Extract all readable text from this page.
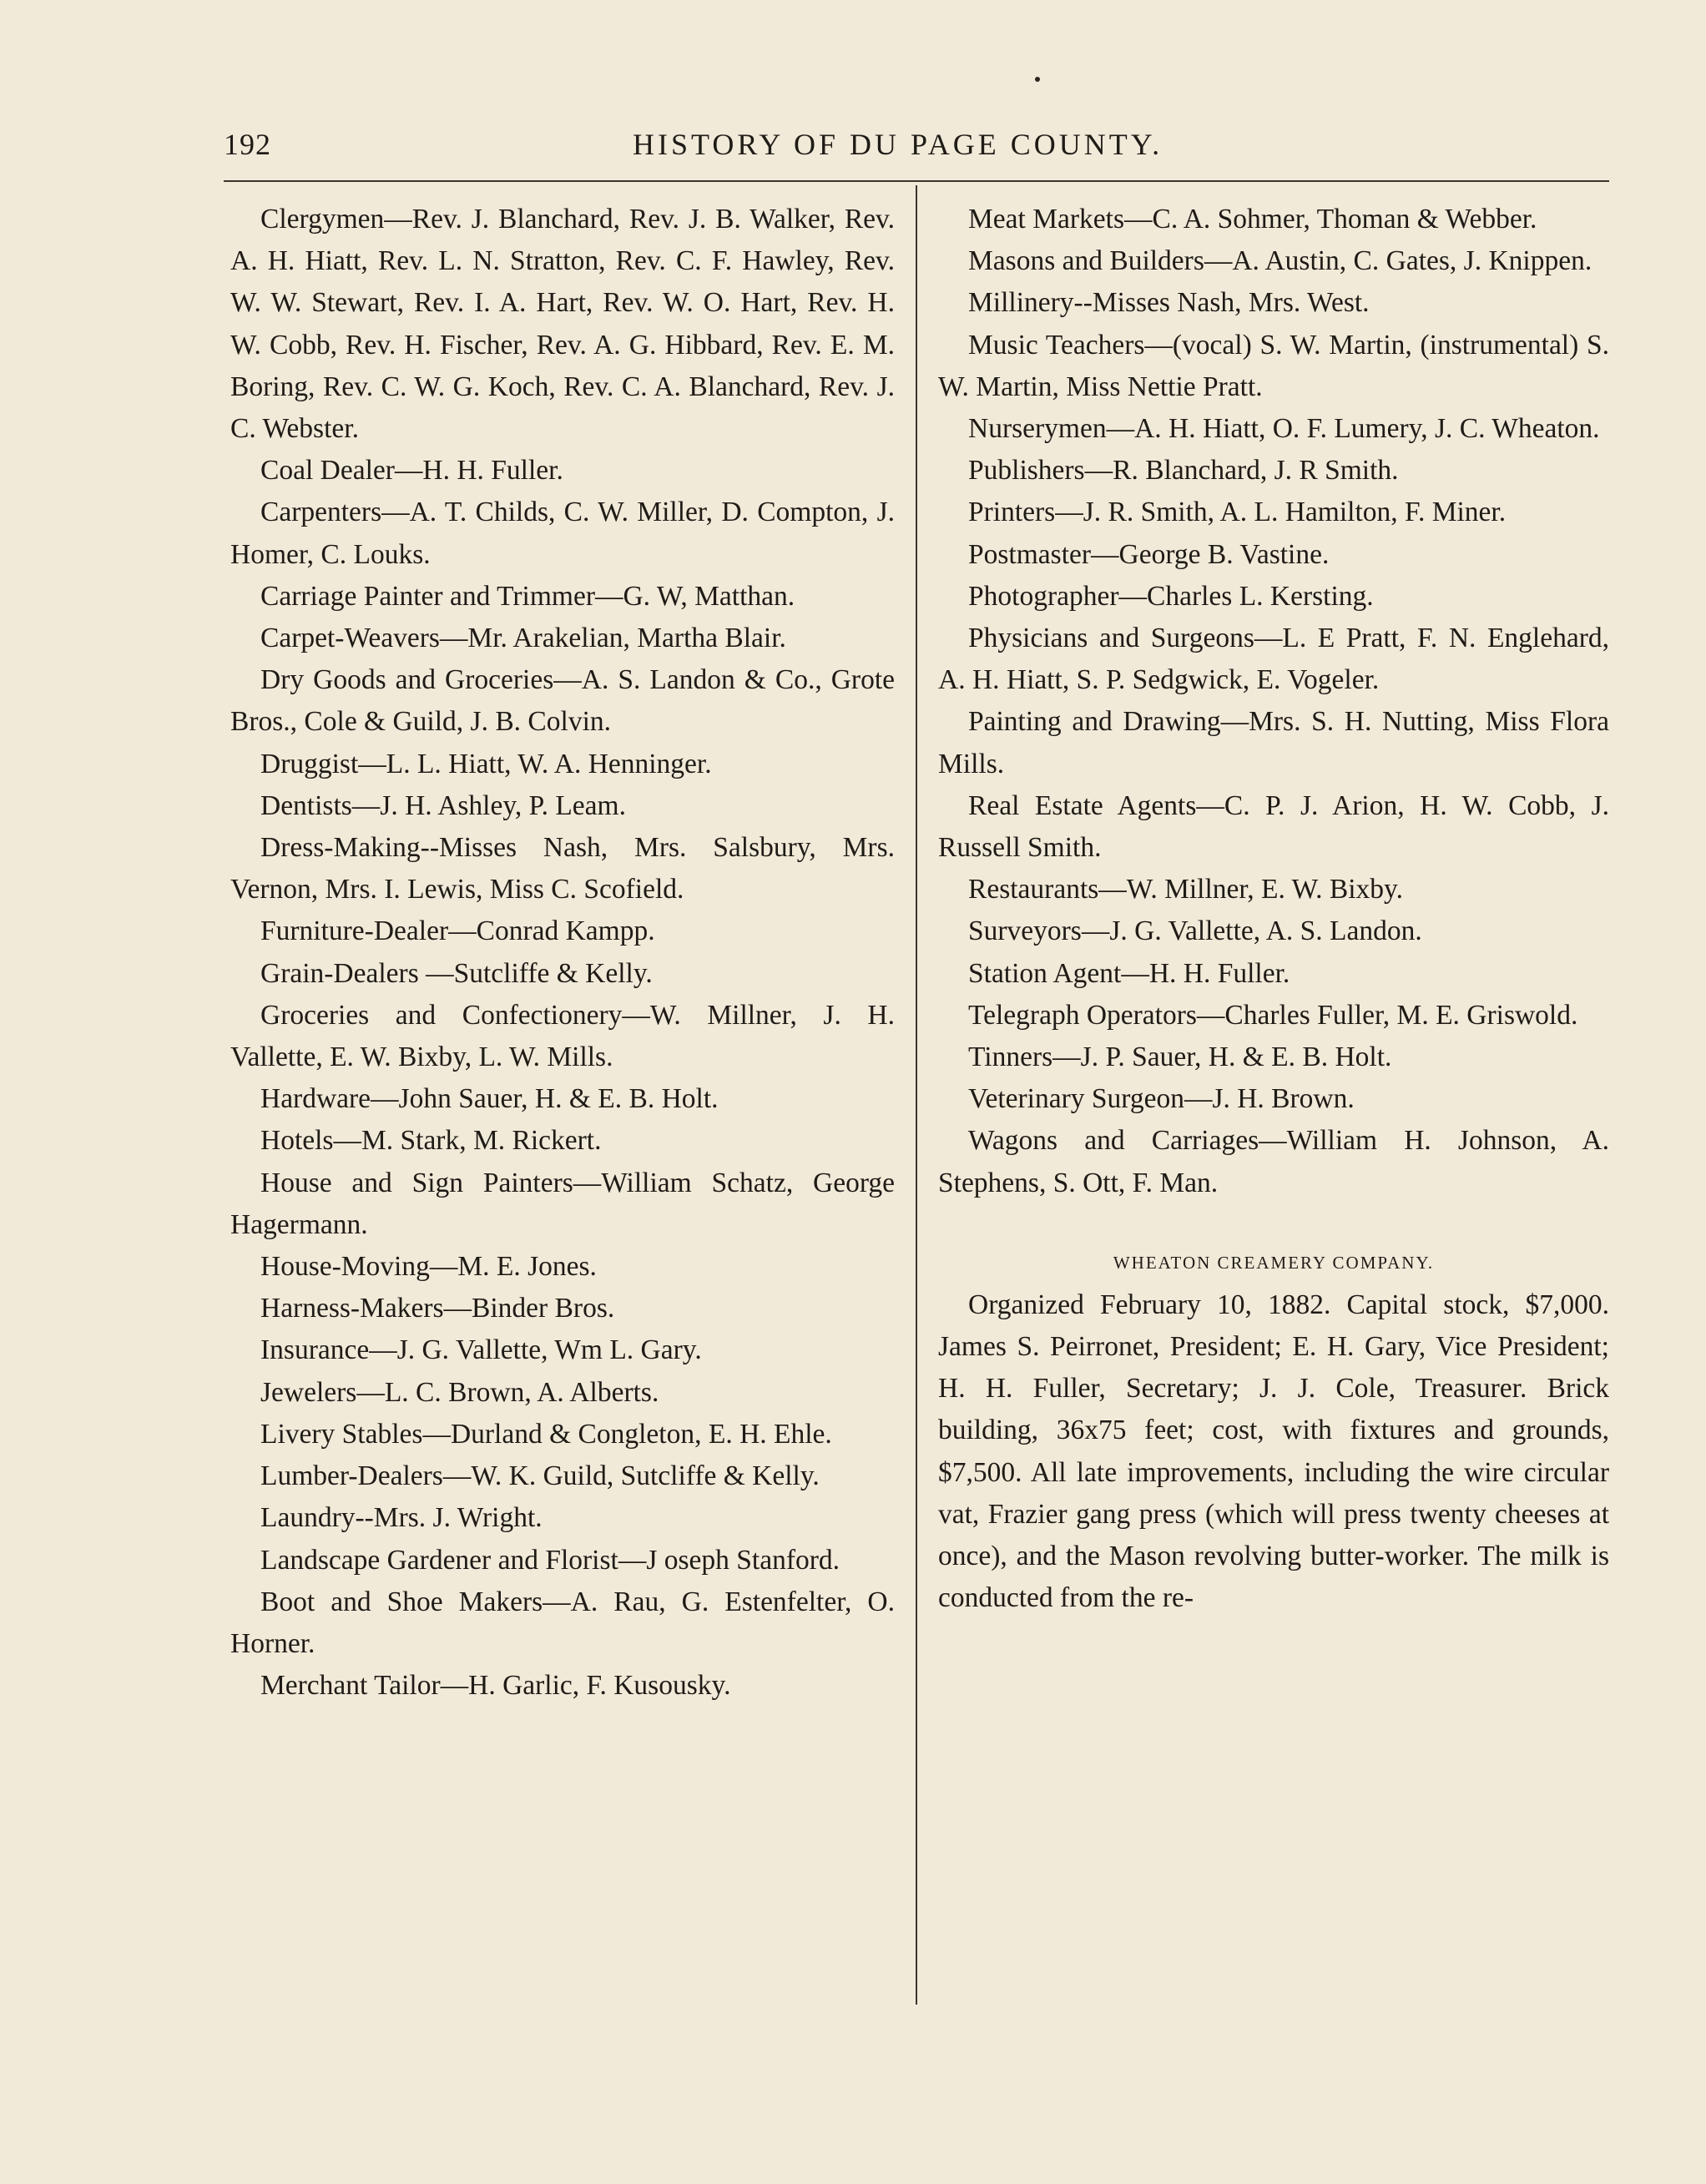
192	HISTORY OF DU PAGE COUNTY.

Clergymen—Rev. J. Blanchard, Rev. J. B. Walker, Rev. A. H. Hiatt, Rev. L. N. Stratton, Rev. C. F. Hawley, Rev. W. W. Stewart, Rev. I. A. Hart, Rev. W. O. Hart, Rev. H. W. Cobb, Rev. H. Fischer, Rev. A. G. Hibbard, Rev. E. M. Boring, Rev. C. W. G. Koch, Rev. C. A. Blanchard, Rev. J. C. Webster.

Coal Dealer—H. H. Fuller.

Carpenters—A. T. Childs, C. W. Miller, D. Compton, J. Homer, C. Louks.

Carriage Painter and Trimmer—G. W, Matthan.

Carpet-Weavers—Mr. Arakelian, Martha Blair.

Dry Goods and Groceries—A. S. Landon & Co., Grote Bros., Cole & Guild, J. B. Colvin.

Druggist—L. L. Hiatt, W. A. Henninger.

Dentists—J. H. Ashley, P. Leam.

Dress-Making--Misses Nash, Mrs. Salsbury, Mrs. Vernon, Mrs. I. Lewis, Miss C. Scofield.

Furniture-Dealer—Conrad Kampp.

Grain-Dealers —Sutcliffe & Kelly.

Groceries and Confectionery—W. Millner, J. H. Vallette, E. W. Bixby, L. W. Mills.

Hardware—John Sauer, H. & E. B. Holt.

Hotels—M. Stark, M. Rickert.

House and Sign Painters—William Schatz, George Hagermann.

House-Moving—M. E. Jones.

Harness-Makers—Binder Bros.

Insurance—J. G. Vallette, Wm L. Gary.

Jewelers—L. C. Brown, A. Alberts.

Livery Stables—Durland & Congleton, E. H. Ehle.

Lumber-Dealers—W. K. Guild, Sutcliffe & Kelly.

Laundry--Mrs. J. Wright.

Landscape Gardener and Florist—J oseph Stanford.

Boot and Shoe Makers—A. Rau, G. Estenfelter, O. Horner.

Merchant Tailor—H. Garlic, F. Kusousky.

Meat Markets—C. A. Sohmer, Thoman & Webber.

Masons and Builders—A. Austin, C. Gates, J. Knippen.

Millinery--Misses Nash, Mrs. West.

Music Teachers—(vocal) S. W. Martin, (instrumental) S. W. Martin, Miss Nettie Pratt.

Nurserymen—A. H. Hiatt, O. F. Lumery, J. C. Wheaton.

Publishers—R. Blanchard, J. R Smith.

Printers—J. R. Smith, A. L. Hamilton, F. Miner.

Postmaster—George B. Vastine.

Photographer—Charles L. Kersting.

Physicians and Surgeons—L. E Pratt, F. N. Englehard, A. H. Hiatt, S. P. Sedgwick, E. Vogeler.

Painting and Drawing—Mrs. S. H. Nutting, Miss Flora Mills.

Real Estate Agents—C. P. J. Arion, H. W. Cobb, J. Russell Smith.

Restaurants—W. Millner, E. W. Bixby.

Surveyors—J. G. Vallette, A. S. Landon.

Station Agent—H. H. Fuller.

Telegraph Operators—Charles Fuller, M. E. Griswold.

Tinners—J. P. Sauer, H. & E. B. Holt.

Veterinary Surgeon—J. H. Brown.

Wagons and Carriages—William H. Johnson, A. Stephens, S. Ott, F. Man.

WHEATON CREAMERY COMPANY.

Organized February 10, 1882. Capital stock, $7,000. James S. Peirronet, President; E. H. Gary, Vice President; H. H. Fuller, Secretary; J. J. Cole, Treasurer. Brick building, 36x75 feet; cost, with fixtures and grounds, $7,500. All late improvements, including the wire circular vat, Frazier gang press (which will press twenty cheeses at once), and the Mason revolving butter-worker. The milk is conducted from the re-
